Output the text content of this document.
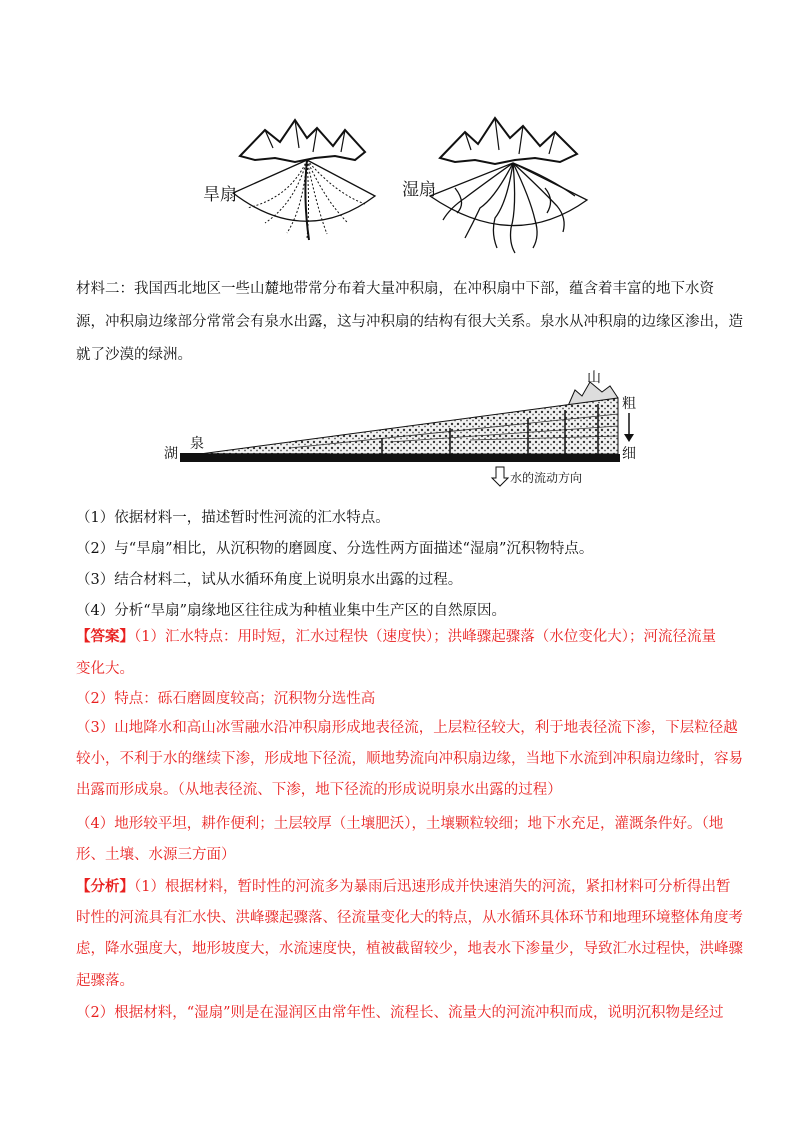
旱扇	湿扇
材料二：我国西北地区一些山麓地带常分布着大量冲积扇，在冲积扇中下部，蕴含着丰富的地下水资
源，冲积扇边缘部分常常会有泉水出露，这与冲积扇的结构有很大关系。泉水从冲积扇的边缘区渗出，造
就了沙漠的绿洲。
山
湖
泉
粗
细
水的流动方向
（1）依据材料一，描述暂时性河流的汇水特点。
（2）与“旱扇”相比，从沉积物的磨圆度、分选性两方面描述“湿扇”沉积物特点。
（3）结合材料二，试从水循环角度上说明泉水出露的过程。
（4）分析“旱扇”扇缘地区往往成为种植业集中生产区的自然原因。
【答案】（1）汇水特点：用时短，汇水过程快（速度快）；洪峰骤起骤落（水位变化大）；河流径流量
变化大。
（2）特点：砾石磨圆度较高；沉积物分选性高
（3）山地降水和高山冰雪融水沿冲积扇形成地表径流，上层粒径较大，利于地表径流下渗，下层粒径越
较小，不利于水的继续下渗，形成地下径流，顺地势流向冲积扇边缘，当地下水流到冲积扇边缘时，容易
出露而形成泉。（从地表径流、下渗，地下径流的形成说明泉水出露的过程）
（4）地形较平坦，耕作便利；土层较厚（土壤肥沃），土壤颗粒较细；地下水充足，灌溉条件好。（地
形、土壤、水源三方面）
【分析】（1）根据材料，暂时性的河流多为暴雨后迅速形成并快速消失的河流，紧扣材料可分析得出暂
时性的河流具有汇水快、洪峰骤起骤落、径流量变化大的特点，从水循环具体环节和地理环境整体角度考
虑，降水强度大，地形坡度大，水流速度快，植被截留较少，地表水下渗量少，导致汇水过程快，洪峰骤
起骤落。
（2）根据材料，“湿扇”则是在湿润区由常年性、流程长、流量大的河流冲积而成，说明沉积物是经过
